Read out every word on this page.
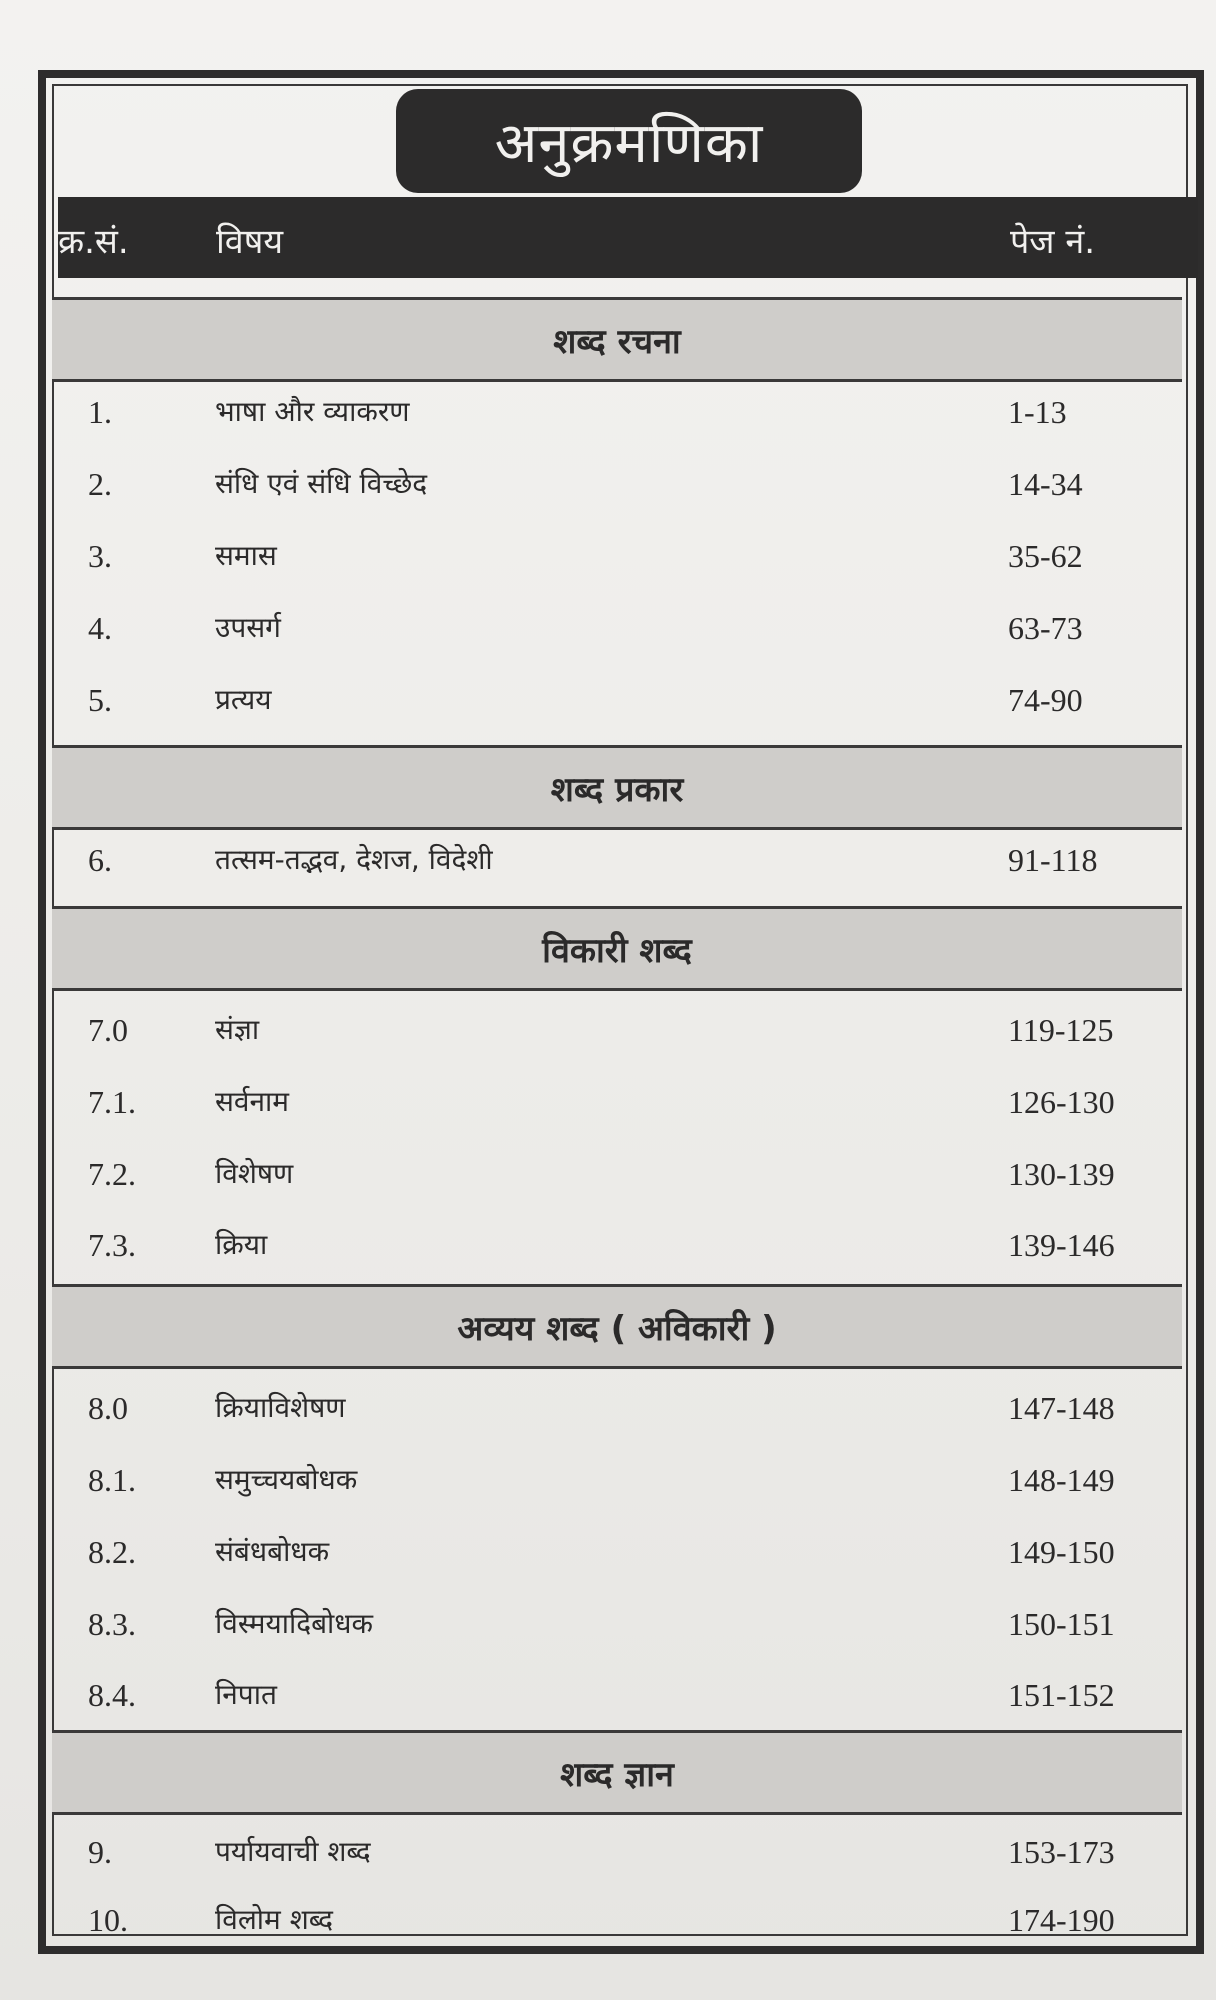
अनुक्रमणिका
क्र.सं.	विषय	पेज नं.
शब्द रचना
1.	भाषा और व्याकरण	1-13
2.	संधि एवं संधि विच्छेद	14-34
3.	समास	35-62
4.	उपसर्ग	63-73
5.	प्रत्यय	74-90
शब्द प्रकार
6.	तत्सम-तद्भव, देशज, विदेशी	91-118
विकारी शब्द
7.0	संज्ञा	119-125
7.1.	सर्वनाम	126-130
7.2.	विशेषण	130-139
7.3.	क्रिया	139-146
अव्यय शब्द ( अविकारी )
8.0	क्रियाविशेषण	147-148
8.1.	समुच्चयबोधक	148-149
8.2.	संबंधबोधक	149-150
8.3.	विस्मयादिबोधक	150-151
8.4.	निपात	151-152
शब्द ज्ञान
9.	पर्यायवाची शब्द	153-173
10.	विलोम शब्द	174-190
